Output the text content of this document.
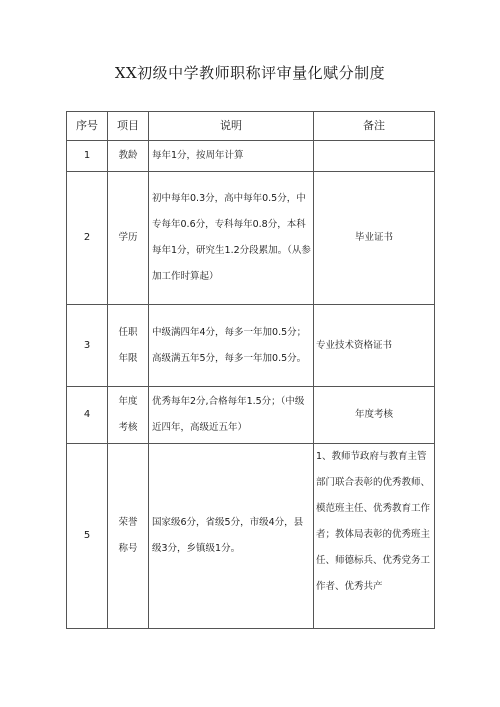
XX初级中学教师职称评审量化赋分制度
序号	项目	说明	备注
1	教龄	每年1分，按周年计算	
2	学历	初中每年0.3分，高中每年0.5分，中专每年0.6分，专科每年0.8分，本科每年1分，研究生1.2分段累加。（从参加工作时算起）	毕业证书
3	任职年限	中级满四年4分，每多一年加0.5分；高级满五年5分，每多一年加0.5分。	专业技术资格证书
4	年度考核	优秀每年2分,合格每年1.5分；（中级近四年，高级近五年）	年度考核
5	荣誉称号	国家级6分，省级5分，市级4分，县级3分，乡镇级1分。	1、教师节政府与教育主管部门联合表彰的优秀教师、模范班主任、优秀教育工作者；教体局表彰的优秀班主任、师德标兵、优秀党务工作者、优秀共产
